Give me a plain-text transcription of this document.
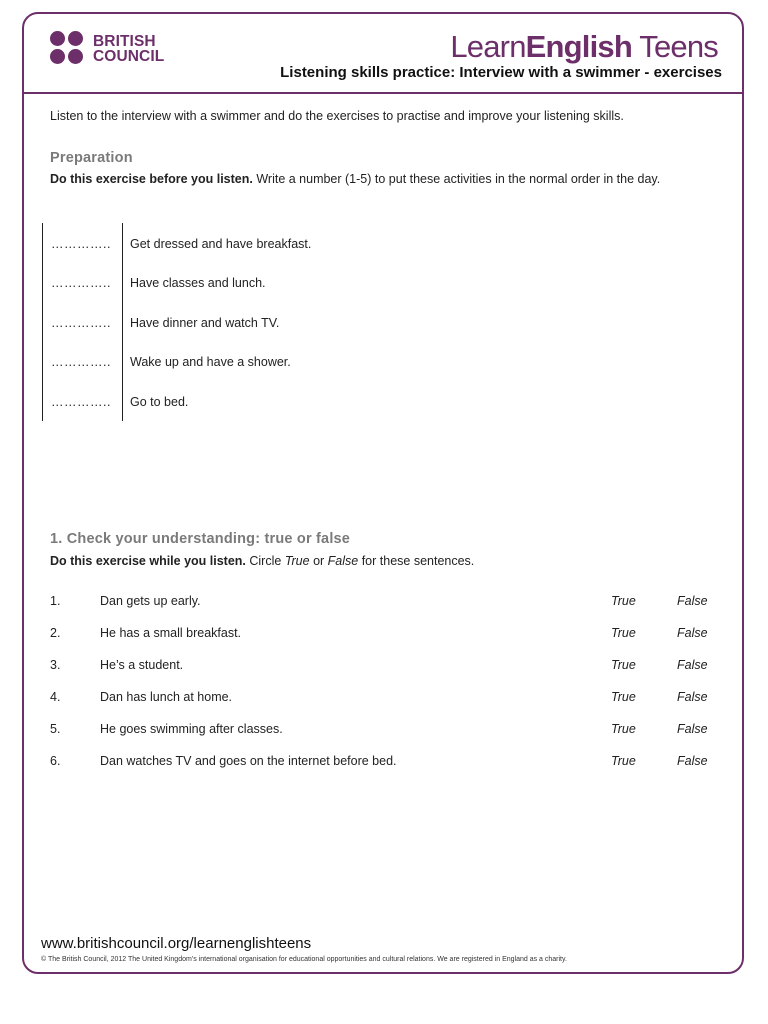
BRITISH
COUNCIL	LearnEnglish Teens
Listening skills practice: Interview with a swimmer - exercises
Listen to the interview with a swimmer and do the exercises to practise and improve your listening skills.
Preparation
Do this exercise before you listen. Write a number (1-5) to put these activities in the normal order in the day.
………….. Get dressed and have breakfast.
………….. Have classes and lunch.
………….. Have dinner and watch TV.
………….. Wake up and have a shower.
………….. Go to bed.
1. Check your understanding: true or false
Do this exercise while you listen. Circle True or False for these sentences.
1.	Dan gets up early.	True	False
2.	He has a small breakfast.	True	False
3.	He’s a student.	True	False
4.	Dan has lunch at home.	True	False
5.	He goes swimming after classes.	True	False
6.	Dan watches TV and goes on the internet before bed.	True	False
www.britishcouncil.org/learnenglishteens
© The British Council, 2012 The United Kingdom’s international organisation for educational opportunities and cultural relations. We are registered in England as a charity.
